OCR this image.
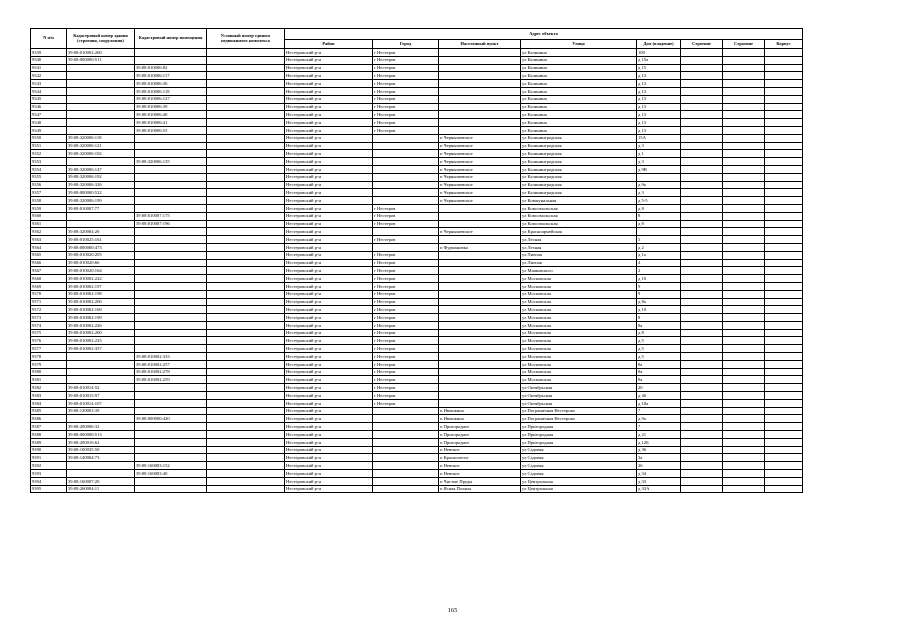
N п/п	Кадастровый номер здания (строения, сооружения)	Кадастровый номер помещения	Условный номер единого недвижимого комплекса	Адрес объекта							
				Район	Город	Населенный пункт	Улица	Дом (владение)	Строение	Строение	Корпус
9339	39:08:010002:260			Нестеровский р-н	г Нестеров		ул Калинина	100			
9340	39:08:000000:511			Нестеровский р-н	г Нестеров		ул Калинина	д 15а			
9341		39:08:010006:82		Нестеровский р-н	г Нестеров		ул Калинина	д 15			
9342		39:08:010006:117		Нестеровский р-н	г Нестеров		ул Калинина	д 13			
9343		39:08:010006:36		Нестеровский р-н	г Нестеров		ул Калинина	д 13			
9344		39:08:010006:118		Нестеровский р-н	г Нестеров		ул Калинина	д 13			
9345		39:08:010006:127		Нестеровский р-н	г Нестеров		ул Калинина	д 13			
9346		39:08:010006:39		Нестеровский р-н	г Нестеров		ул Калинина	д 13			
9347		39:08:010006:40		Нестеровский р-н	г Нестеров		ул Калинина	д 13			
9348		39:08:010006:41		Нестеровский р-н	г Нестеров		ул Калинина	д 13			
9349		39:08:010006:55		Нестеровский р-н	г Нестеров		ул Калинина	д 13			
9350	39:08:320006:118			Нестеровский р-н		п Чернышевское	ул Калининградская	15А			
9351	39:08:320006:121			Нестеровский р-н		п Чернышевское	ул Калининградская	д 3			
9352	39:08:320006:102			Нестеровский р-н		п Чернышевское	ул Калининградская	д 1			
9353		39:08:320006:135		Нестеровский р-н		п Чернышевское	ул Калининградская	д 3			
9354	39:08:320006:147			Нестеровский р-н		п Чернышевское	ул Калининградская	д 9В			
9355	39:08:320006:192			Нестеровский р-н		п Чернышевское	ул Калининградская				
9356	39:08:320006:326			Нестеровский р-н		п Чернышевское	ул Калининградская	д 9а			
9357	39:08:000000:522			Нестеровский р-н		п Чернышевское	ул Калининградская	д 3			
9358	39:08:320006:199			Нестеровский р-н		п Чернышевское	ул Коммунальная	д 5-5			
9359	39:08:010007:77			Нестеровский р-н	г Нестеров		ул Комсомольская	д 8			
9360		39:08:010007:175		Нестеровский р-н	г Нестеров		ул Комсомольская	8			
9361		39:08:010007:196		Нестеровский р-н	г Нестеров		ул Комсомольская	д 8			
9362	39:08:320004:26			Нестеровский р-н		п Чернышевское	ул Красноармейская				
9363	39:08:010025:161			Нестеровский р-н	г Нестеров		ул Лесная	5			
9364	39:08:000000:473			Нестеровский р-н		п Фурмановка	ул Лесная	д 2			
9365	39:08:010020:205			Нестеровский р-н	г Нестеров		ул Лиепая	д 1а			
9366	39:08:010020:66			Нестеровский р-н	г Нестеров		ул Лиепая	4			
9367	39:08:010020:164			Нестеровский р-н	г Нестеров		ул Маяковского	2			
9368	39:08:010002:222			Нестеровский р-н	г Нестеров		ул Московская	д 10			
9369	39:08:010002:197			Нестеровский р-н	г Нестеров		ул Московская	9			
9370	39:08:010002:198			Нестеровский р-н	г Нестеров		ул Московская	9			
9371	39:08:010002:206			Нестеровский р-н	г Нестеров		ул Московская	д 8а			
9372	39:08:010002:169			Нестеровский р-н	г Нестеров		ул Московская	д 10			
9373	39:08:010002:199			Нестеровский р-н	г Нестеров		ул Московская	8			
9374	39:08:010002:226			Нестеровский р-н	г Нестеров		ул Московская	8а			
9375	39:08:010002:200			Нестеровский р-н	г Нестеров		ул Московская	д 8			
9376	39:08:010002:225			Нестеровский р-н	г Нестеров		ул Московская	д 5			
9377	39:08:010002:357			Нестеровский р-н	г Нестеров		ул Московская	д 5			
9378		39:08:010002:333		Нестеровский р-н	г Нестеров		ул Московская	д 5			
9379		39:08:010002:257		Нестеровский р-н	г Нестеров		ул Московская	8а			
9380		39:08:010002:278		Нестеровский р-н	г Нестеров		ул Московская	8а			
9381		39:08:010002:259		Нестеровский р-н	г Нестеров		ул Московская	8а			
9382	39:08:010014:52			Нестеровский р-н	г Нестеров		ул Октябрьская	20			
9383	39:08:010015:97			Нестеровский р-н	г Нестеров		ул Октябрьская	д 46			
9384	39:08:010014:107			Нестеровский р-н	г Нестеров		ул Октябрьская	д 18а			
9385	39:08:120003:39			Нестеровский р-н		п Ивашкино	ул Пограничная Нестерова	7			
9386		39:08:000000:420		Нестеровский р-н		п Ивашкино	ул Пограничная Нестерова	д 9а			
9387	39:08:200006:32			Нестеровский р-н		п Пригородное	ул Пригородная	7			
9388	39:08:000000:513			Нестеровский р-н		п Пригородное	ул Пригородная	д 21			
9389	39:08:200016:62			Нестеровский р-н		п Пригородное	ул Пригородная	д 12Б			
9390	39:08:100035:50			Нестеровский р-н		п Невское	ул Садовая	д 36			
9391	39:08:140004:73			Нестеровский р-н		п Краснолесье	ул Садовая	3а			
9392		39:08:160003:152		Нестеровский р-н		п Невское	ул Садовая	26			
9393		39:08:160003:40		Нестеровский р-н		п Невское	ул Садовая	д 34			
9394	39:08:160007:20			Нестеровский р-н		п Чистые Пруды	ул Центральная	д 33			
9395	39:08:260004:11			Нестеровский р-н		п Ясная Поляна	ул Центральная	д 33А			
165
